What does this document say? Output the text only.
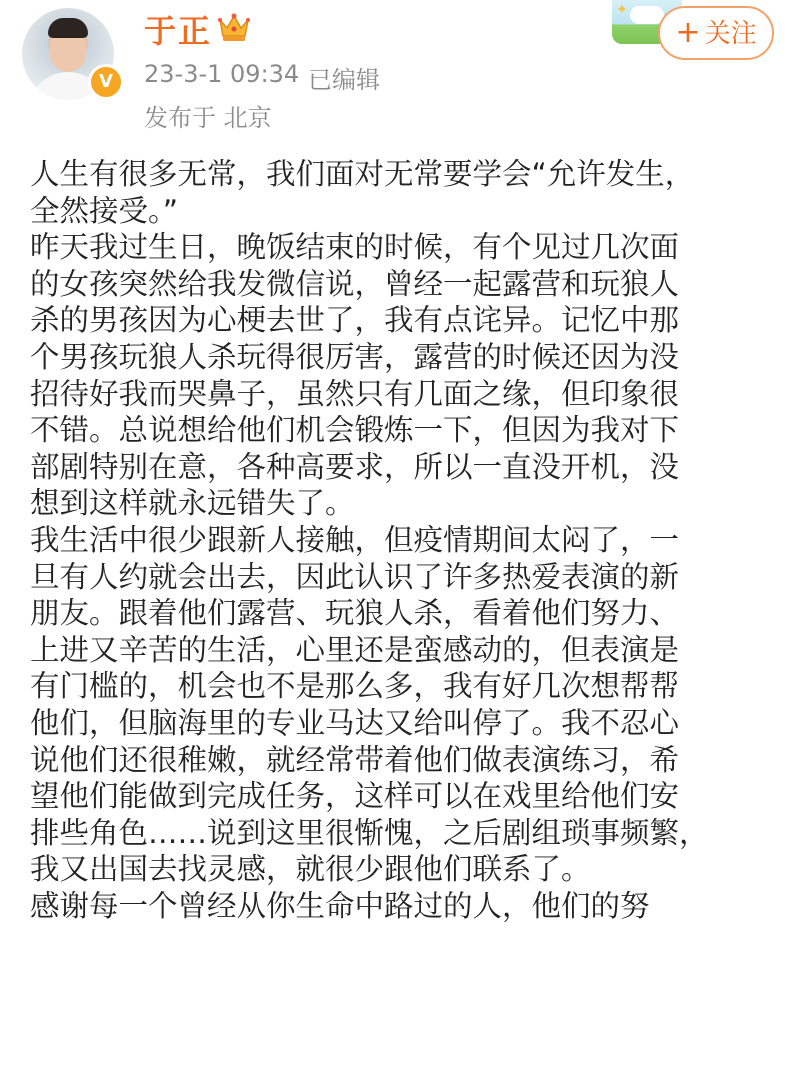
V
于正
23-3-1 09:34 已编辑
发布于 北京
✦
+ 关注

人生有很多无常，我们面对无常要学会“允许发生，

全然接受。”

昨天我过生日，晚饭结束的时候，有个见过几次面

的女孩突然给我发微信说，曾经一起露营和玩狼人

杀的男孩因为心梗去世了，我有点诧异。记忆中那

个男孩玩狼人杀玩得很厉害，露营的时候还因为没

招待好我而哭鼻子，虽然只有几面之缘，但印象很

不错。总说想给他们机会锻炼一下，但因为我对下

部剧特别在意，各种高要求，所以一直没开机，没

想到这样就永远错失了。

我生活中很少跟新人接触，但疫情期间太闷了，一

旦有人约就会出去，因此认识了许多热爱表演的新

朋友。跟着他们露营、玩狼人杀，看着他们努力、

上进又辛苦的生活，心里还是蛮感动的，但表演是

有门槛的，机会也不是那么多，我有好几次想帮帮

他们，但脑海里的专业马达又给叫停了。我不忍心

说他们还很稚嫩，就经常带着他们做表演练习，希

望他们能做到完成任务，这样可以在戏里给他们安

排些角色……说到这里很惭愧，之后剧组琐事频繁，

我又出国去找灵感，就很少跟他们联系了。

感谢每一个曾经从你生命中路过的人，他们的努
